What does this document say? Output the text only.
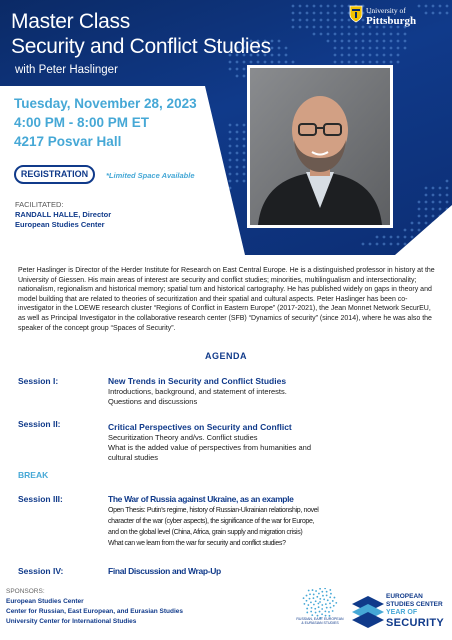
Master Class
Security and Conflict Studies
with Peter Haslinger
University of
Pittsburgh
Tuesday, November 28, 2023
4:00 PM - 8:00 PM ET
4217 Posvar Hall
REGISTRATION	*Limited Space Available
FACILITATED:
RANDALL HALLE, Director
European Studies Center
Peter Haslinger is Director of the Herder Institute for Research on East Central Europe. He is a distinguished professor in history at the University of Giessen. His main areas of interest are security and conflict studies; minorities, multilingualism and intersectionality; nationalism, regionalism and historical memory; spatial turn and historical cartography. He has published widely on gaps in theory and model building that are related to theories of securitization and their spatial and cultural aspects. Peter Haslinger has been co-investigator in the LOEWE research cluster “Regions of Conflict in Eastern Europe” (2017-2021), the Jean Monnet Network SecurEU, as well as Principal Investigator in the collaborative research center (SFB) “Dynamics of security” (since 2014), where he was also the speaker of the concept group “Spaces of Security”.
AGENDA
Session I:	New Trends in Security and Conflict Studies
Introductions, background, and statement of interests.
Questions and discussions
Session II:	Critical Perspectives on Security and Conflict
Securitization Theory and/vs. Conflict studies
What is the added value of perspectives from humanities and
cultural studies
BREAK
Session III:	The War of Russia against Ukraine, as an example
Open Thesis: Putin’s regime, history of Russian-Ukrainian relationship, novel
character of the war (cyber aspects), the significance of the war for Europe,
and on the global level (China, Africa, grain supply and migration crisis)
What can we learn from the war for security and conflict studies?
Session IV:	Final Discussion and Wrap-Up
SPONSORS:
European Studies Center
Center for Russian, East European, and Eurasian Studies
University Center for International Studies	RUSSIAN, EAST EUROPEAN & EURASIAN STUDIES
EUROPEAN
STUDIES CENTER
YEAR OF
SECURITY
